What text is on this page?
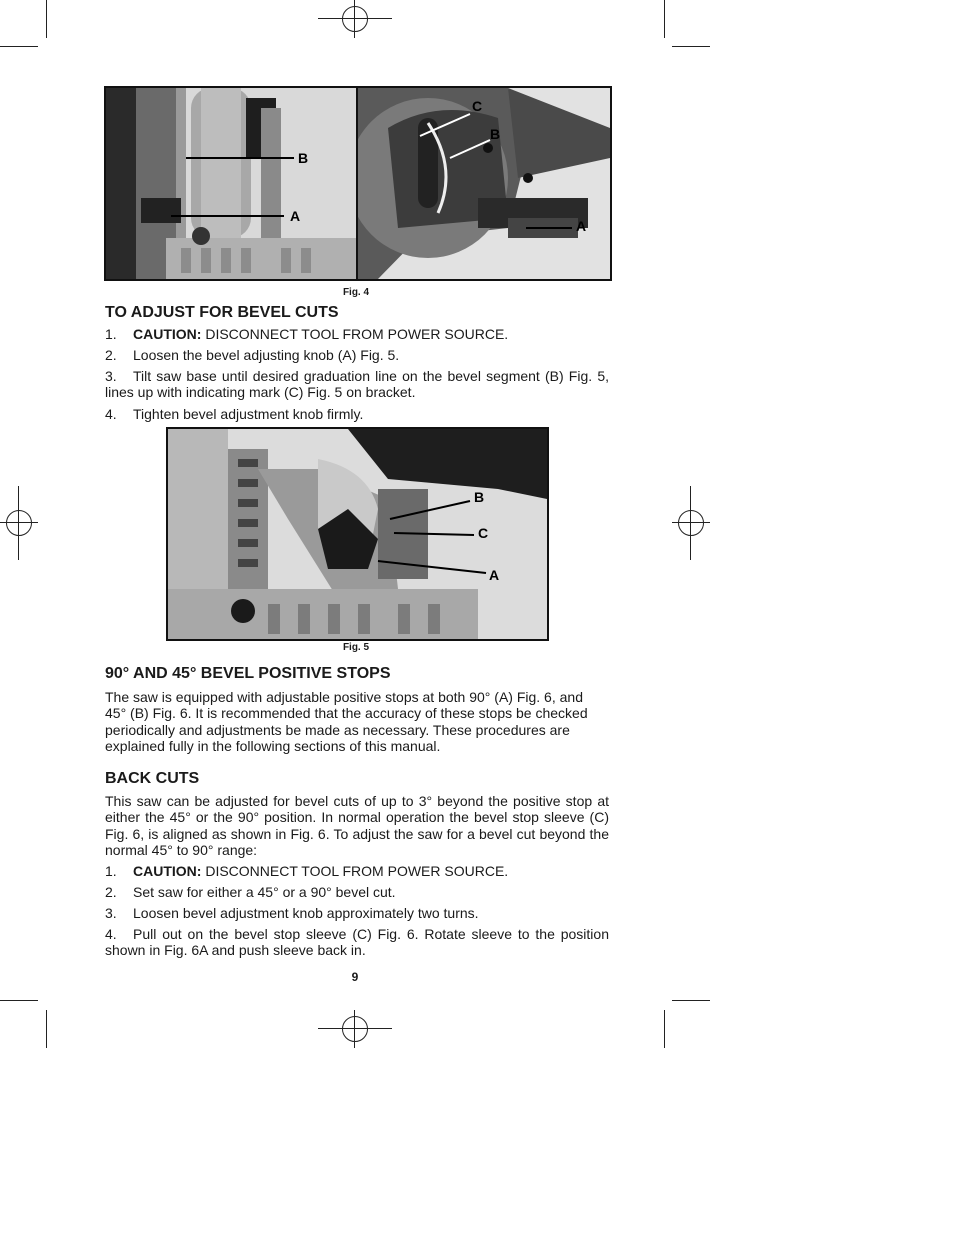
B
A
C
B
A
Fig. 4
TO ADJUST FOR BEVEL CUTS

1. CAUTION: DISCONNECT TOOL FROM POWER SOURCE.

2. Loosen the bevel adjusting knob (A) Fig. 5.

3. Tilt saw base until desired graduation line on the bevel segment (B) Fig. 5, lines up with indicating mark (C) Fig. 5 on bracket.

4. Tighten bevel adjustment knob firmly.

B
C
A
Fig. 5
90° AND 45° BEVEL POSITIVE STOPS

The saw is equipped with adjustable positive stops at both 90° (A) Fig. 6, and 45° (B) Fig. 6. It is recommended that the accuracy of these stops be checked periodically and adjustments be made as necessary. These procedures are explained fully in the following sections of this manual.

BACK CUTS

This saw can be adjusted for bevel cuts of up to 3° beyond the positive stop at either the 45° or the 90° position. In normal operation the bevel stop sleeve (C) Fig. 6, is aligned as shown in Fig. 6. To adjust the saw for a bevel cut beyond the normal 45° to 90° range:

1. CAUTION: DISCONNECT TOOL FROM POWER SOURCE.

2. Set saw for either a 45° or a 90° bevel cut.

3. Loosen bevel adjustment knob approximately two turns.

4. Pull out on the bevel stop sleeve (C) Fig. 6. Rotate sleeve to the position shown in Fig. 6A and push sleeve back in.

9
